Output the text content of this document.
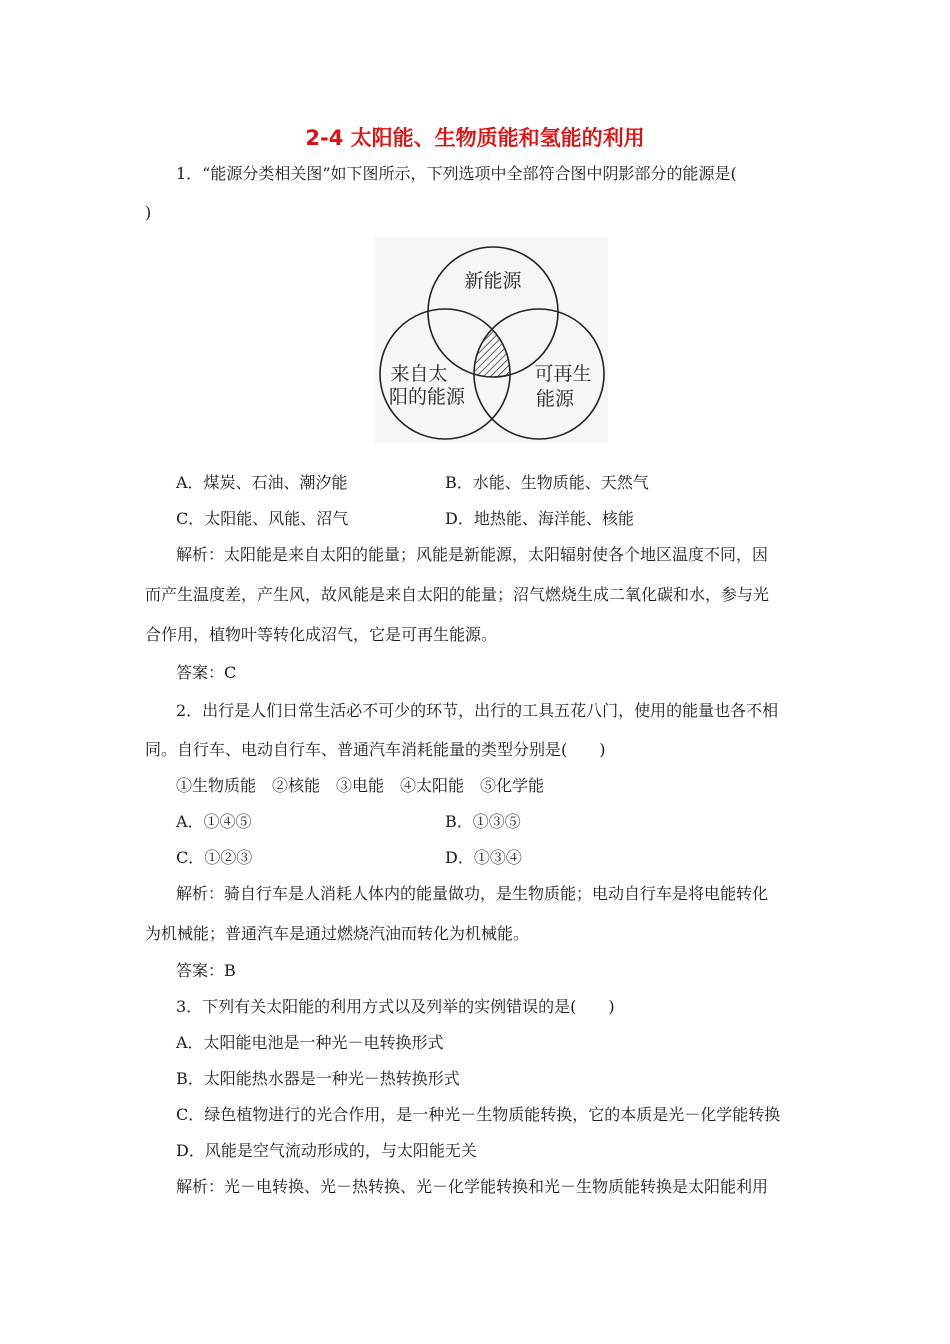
2-4 太阳能、生物质能和氢能的利用
1．“能源分类相关图”如下图所示，下列选项中全部符合图中阴影部分的能源是(
)
新能源
来自太
阳的能源
可再生
能源
A．煤炭、石油、潮汐能	B．水能、生物质能、天然气
C．太阳能、风能、沼气	D．地热能、海洋能、核能
解析：太阳能是来自太阳的能量；风能是新能源，太阳辐射使各个地区温度不同，因
而产生温度差，产生风，故风能是来自太阳的能量；沼气燃烧生成二氧化碳和水，参与光
合作用，植物叶等转化成沼气，它是可再生能源。
答案：C
2．出行是人们日常生活必不可少的环节，出行的工具五花八门，使用的能量也各不相
同。自行车、电动自行车、普通汽车消耗能量的类型分别是(　　)
①生物质能　②核能　③电能　④太阳能　⑤化学能
A．①④⑤	B．①③⑤
C．①②③	D．①③④
解析：骑自行车是人消耗人体内的能量做功，是生物质能；电动自行车是将电能转化
为机械能；普通汽车是通过燃烧汽油而转化为机械能。
答案：B
3．下列有关太阳能的利用方式以及列举的实例错误的是(　　)
A．太阳能电池是一种光－电转换形式
B．太阳能热水器是一种光－热转换形式
C．绿色植物进行的光合作用，是一种光－生物质能转换，它的本质是光－化学能转换
D．风能是空气流动形成的，与太阳能无关
解析：光－电转换、光－热转换、光－化学能转换和光－生物质能转换是太阳能利用
